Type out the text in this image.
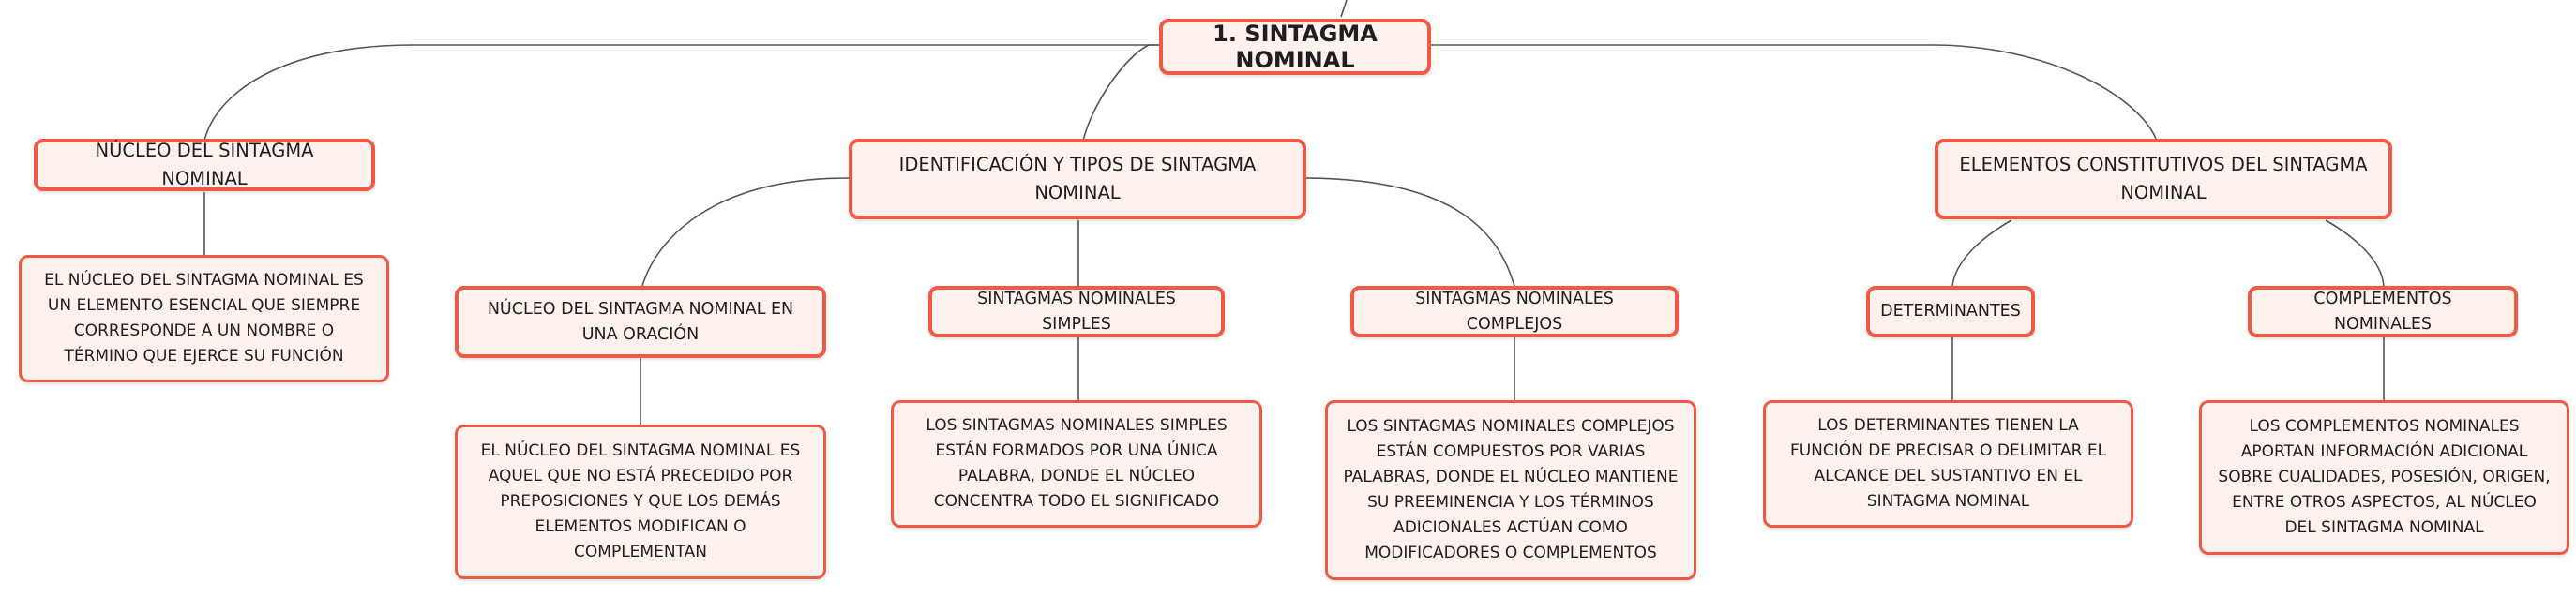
1. SINTAGMA NOMINAL
NÚCLEO DEL SINTAGMA NOMINAL
EL NÚCLEO DEL SINTAGMA NOMINAL ES UN ELEMENTO ESENCIAL QUE SIEMPRE CORRESPONDE A UN NOMBRE O TÉRMINO QUE EJERCE SU FUNCIÓN
IDENTIFICACIÓN Y TIPOS DE SINTAGMA NOMINAL
NÚCLEO DEL SINTAGMA NOMINAL EN UNA ORACIÓN
EL NÚCLEO DEL SINTAGMA NOMINAL ES AQUEL QUE NO ESTÁ PRECEDIDO POR PREPOSICIONES Y QUE LOS DEMÁS ELEMENTOS MODIFICAN O COMPLEMENTAN
SINTAGMAS NOMINALES SIMPLES
LOS SINTAGMAS NOMINALES SIMPLES ESTÁN FORMADOS POR UNA ÚNICA PALABRA, DONDE EL NÚCLEO CONCENTRA TODO EL SIGNIFICADO
SINTAGMAS NOMINALES COMPLEJOS
LOS SINTAGMAS NOMINALES COMPLEJOS ESTÁN COMPUESTOS POR VARIAS PALABRAS, DONDE EL NÚCLEO MANTIENE SU PREEMINENCIA Y LOS TÉRMINOS ADICIONALES ACTÚAN COMO MODIFICADORES O COMPLEMENTOS
ELEMENTOS CONSTITUTIVOS DEL SINTAGMA NOMINAL
DETERMINANTES
LOS DETERMINANTES TIENEN LA FUNCIÓN DE PRECISAR O DELIMITAR EL ALCANCE DEL SUSTANTIVO EN EL SINTAGMA NOMINAL
COMPLEMENTOS NOMINALES
LOS COMPLEMENTOS NOMINALES APORTAN INFORMACIÓN ADICIONAL SOBRE CUALIDADES, POSESIÓN, ORIGEN, ENTRE OTROS ASPECTOS, AL NÚCLEO DEL SINTAGMA NOMINAL
